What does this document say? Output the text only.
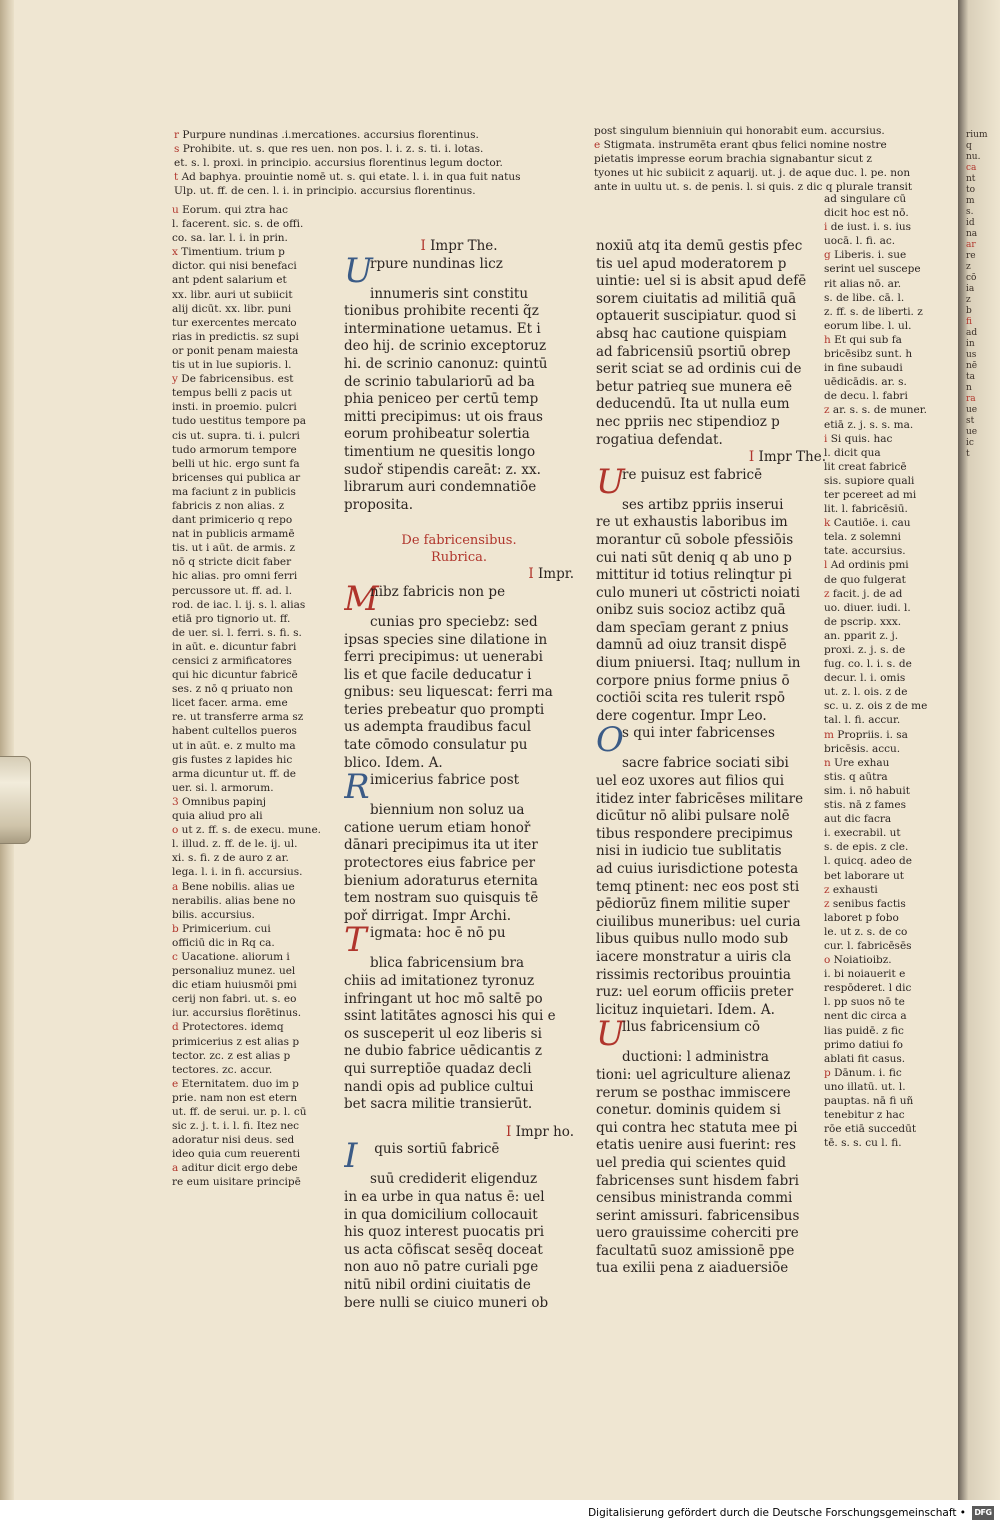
r Purpure nundinas .i.mercationes. accursius florentinus.
s Prohibite. ut. s. que res uen. non pos. l. i. z. s. ti. i. lotas.
et. s. l. proxi. in principio. accursius florentinus legum doctor.
t Ad baphya. prouintie nomē ut. s. qui etate. l. i. in qua fuit natus
Ulp. ut. ff. de cen. l. i. in principio. accursius florentinus.
post singulum bienniuin qui honorabit eum. accursius.
e Stigmata. instrumēta erant qbus felici nomine nostre
pietatis impresse eorum brachia signabantur sicut z
tyones ut hic subiicit z aquarij. ut. j. de aque duc. l. pe. non
ante in uultu ut. s. de penis. l. si quis. z dic q plurale transit
u Eorum. qui ztra hac
l. facerent. sic. s. de offi.
co. sa. lar. l. i. in prin.
x Timentium. trium p
dictor. qui nisi benefaci
ant pdent salarium et
xx. libr. auri ut subiicit
alij dicūt. xx. libr. puni
tur exercentes mercato
rias in predictis. sz supi
or ponit penam maiesta
tis ut in lue supioris. l.
y De fabricensibus. est
tempus belli z pacis ut
insti. in proemio. pulcri
tudo uestitus tempore pa
cis ut. supra. ti. i. pulcri
tudo armorum tempore
belli ut hic. ergo sunt fa
bricenses qui publica ar
ma faciunt z in publicis
fabricis z non alias. z
dant primicerio q repo
nat in publicis armamē
tis. ut i aūt. de armis. z
nō q stricte dicit faber
hic alias. pro omni ferri
percussore ut. ff. ad. l.
rod. de iac. l. ij. s. l. alias
etiā pro tignorio ut. ff.
de uer. si. l. ferri. s. fi. s.
in aūt. e. dicuntur fabri
censici z armificatores
qui hic dicuntur fabricē
ses. z nō q priuato non
licet facer. arma. eme
re. ut transferre arma sz
habent cultellos pueros
ut in aūt. e. z multo ma
gis fustes z lapides hic
arma dicuntur ut. ff. de
uer. si. l. armorum.
3 Omnibus papinj
quia aliud pro ali
o ut z. ff. s. de execu. mune.
l. illud. z. ff. de le. ij. ul.
xi. s. fi. z de auro z ar.
lega. l. i. in fi. accursius.
a Bene nobilis. alias ue
nerabilis. alias bene no
bilis. accursius.
b Primicerium. cui
officiū dic in Rq ca.
c Uacatione. aliorum i
personaliuz munez. uel
dic etiam huiusmōi pmi
cerij non fabri. ut. s. eo
iur. accursius florētinus.
d Protectores. idemq
primicerius z est alias p
tector. zc. z est alias p
tectores. zc. accur.
e Eternitatem. duo im p
prie. nam non est etern
ut. ff. de serui. ur. p. l. cū
sic z. j. t. i. l. fi. Itez nec
adoratur nisi deus. sed
ideo quia cum reuerenti
a aditur dicit ergo debe
re eum uisitare principē
I Impr The.
Urpure nundinas licz
innumeris sint constitu
tionibus prohibite recenti q̃z
interminatione uetamus. Et i
deo hij. de scrinio exceptoruz
hi. de scrinio canonuz: quintū
de scrinio tabulariorū ad ba
phia peniceo per certū temp
mitti precipimus: ut ois fraus
eorum prohibeatur solertia
timentium ne quesitis longo
sudoř stipendis careāt: z. xx.
librarum auri condemnatiōe
proposita.
De fabricensibus.
Rubrica.
I Impr.
Mnibz fabricis non pe
cunias pro speciebz: sed
ipsas species sine dilatione in
ferri precipimus: ut uenerabi
lis et que facile deducatur i
gnibus: seu liquescat: ferri ma
teries prebeatur quo prompti
us adempta fraudibus facul
tate cōmodo consulatur pu
blico. Idem. A.
Rimicerius fabrice post
biennium non soluz ua
catione uerum etiam honoř
dānari precipimus ita ut iter
protectores eius fabrice per
bienium adoraturus eternita
tem nostram suo quisquis tē
poř dirrigat. Impr Archi.
Tigmata: hoc ē nō pu
blica fabricensium bra
chiis ad imitationez tyronuz
infringant ut hoc mō saltē po
ssint latitātes agnosci his qui e
os susceperit ul eoz liberis si
ne dubio fabrice uēdicantis z
qui surreptiōe quadaz decli
nandi opis ad publice cultui
bet sacra militie transierūt.
I Impr ho.
I quis sortiū fabricē
suū crediderit eligenduz
in ea urbe in qua natus ē: uel
in qua domicilium collocauit
his quoz interest puocatis pri
us acta cōfiscat sesēq doceat
non auo nō patre curiali pge
nitū nibil ordini ciuitatis de
bere nulli se ciuico muneri ob
noxiū atq ita demū gestis pfec
tis uel apud moderatorem p
uintie: uel si is absit apud defē
sorem ciuitatis ad militiā quā
optauerit suscipiatur. quod si
absq hac cautione quispiam
ad fabricensiū psortiū obrep
serit sciat se ad ordinis cui de
betur patrieq sue munera eē
deducendū. Ita ut nulla eum
nec ppriis nec stipendioz p
rogatiua defendat.
I Impr The.
Ure puisuz est fabricē
ses artibz ppriis inserui
re ut exhaustis laboribus im
morantur cū sobole pfessiōis
cui nati sūt deniq q ab uno p
mittitur id totius relinqtur pi
culo muneri ut cōstricti noiati
onibz suis socioz actibz quā
dam specīam gerant z pnius
damnū ad oiuz transit dispē
dium pniuersi. Itaq; nullum in
corpore pnius forme pnius ō
coctiōi scita res tulerit rspō
dere cogentur. Impr Leo.
Os qui inter fabricenses
sacre fabrice sociati sibi
uel eoz uxores aut filios qui
itidez inter fabricēses militare
dicūtur nō alibi pulsare nolē
tibus respondere precipimus
nisi in iudicio tue sublitatis
ad cuius iurisdictione potesta
temq ptinent: nec eos post sti
pēdiorūz finem militie super
ciuilibus muneribus: uel curia
libus quibus nullo modo sub
iacere monstratur a uiris cla
rissimis rectoribus prouintia
ruz: uel eorum officiis preter
licituz inquietari. Idem. A.
Ullus fabricensium cō
ductioni: l administra
tioni: uel agriculture alienaz
rerum se posthac immiscere
conetur. dominis quidem si
qui contra hec statuta mee pi
etatis uenire ausi fuerint: res
uel predia qui scientes quid
fabricenses sunt hisdem fabri
censibus ministranda commi
serint amissuri. fabricensibus
uero grauissime coherciti pre
facultatū suoz amissionē ppe
tua exilii pena z aiaduersiōe
ad singulare cū
dicit hoc est nō.
i de iust. i. s. ius
uocā. l. fi. ac.
g Liberis. i. sue
serint uel suscepe
rit alias nō. ar.
s. de libe. cā. l.
z. ff. s. de liberti. z
eorum libe. l. ul.
h Et qui sub fa
bricēsibz sunt. h
in fine subaudi
uēdicādis. ar. s.
de decu. l. fabri
z ar. s. s. de muner.
etiā z. j. s. s. ma.
i Si quis. hac
l. dicit qua
lit creat fabricē
sis. supiore quali
ter pcereet ad mi
lit. l. fabricēsiū.
k Cautiōe. i. cau
tela. z solemni
tate. accursius.
l Ad ordinis pmi
de quo fulgerat
z facit. j. de ad
uo. diuer. iudi. l.
de pscrip. xxx.
an. pparit z. j.
proxi. z. j. s. de
fug. co. l. i. s. de
decur. l. i. omis
ut. z. l. ois. z de
sc. u. z. ois z de me
tal. l. fi. accur.
m Propriis. i. sa
bricēsis. accu.
n Ure exhau
stis. q aūtra
sim. i. nō habuit
stis. nā z fames
aut dic facra
i. execrabil. ut
s. de epis. z cle.
l. quicq. adeo de
bet laborare ut
z exhausti
z senibus factis
laboret p fobo
le. ut z. s. de co
cur. l. fabricēsēs
o Noiatioibz.
i. bi noiauerit e
respōderet. l dic
l. pp suos nō te
nent dic circa a
lias puidē. z fic
primo datiui fo
ablati fit casus.
p Dānum. i. fic
uno illatū. ut. l.
pauptas. nā fi uñ
tenebitur z hac
rōe etiā succedūt
tē. s. s. cu l. fi.
rium
q
nu.
ca
nt
to
m
s.
id
na
ar
re
z
cō
ia
z
b
fi
ad
in
us
nē
ta
n
ra
ue
st
ue
ic
t
Digitalisierung gefördert durch die Deutsche Forschungsgemeinschaft •	DFG
